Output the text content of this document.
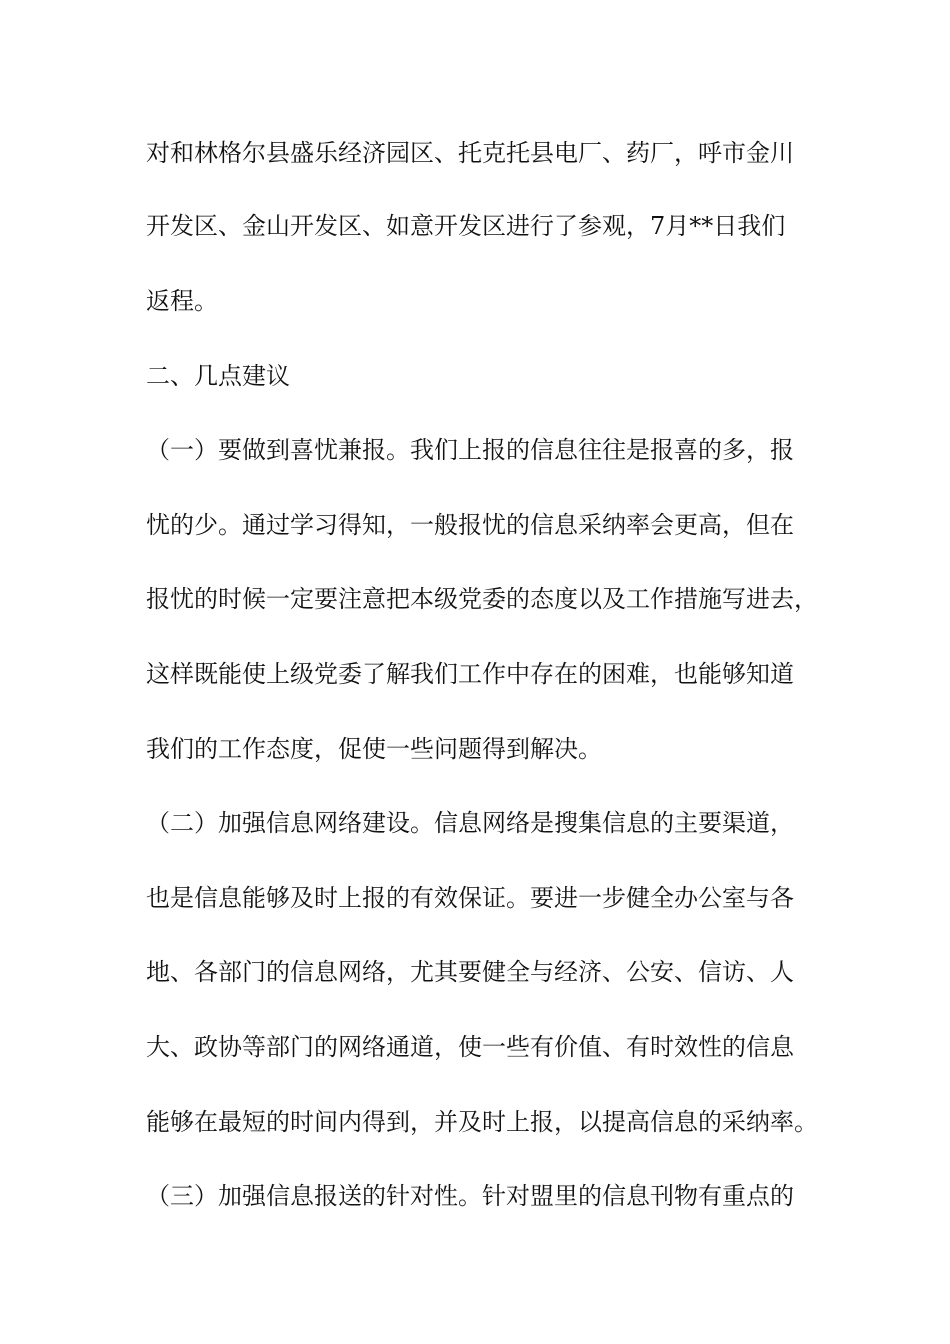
对和林格尔县盛乐经济园区、托克托县电厂、药厂，呼市金川

开发区、金山开发区、如意开发区进行了参观，7月**日我们

返程。

二、几点建议

（一）要做到喜忧兼报。我们上报的信息往往是报喜的多，报

忧的少。通过学习得知，一般报忧的信息采纳率会更高，但在

报忧的时候一定要注意把本级党委的态度以及工作措施写进去，

这样既能使上级党委了解我们工作中存在的困难，也能够知道

我们的工作态度，促使一些问题得到解决。

（二）加强信息网络建设。信息网络是搜集信息的主要渠道，

也是信息能够及时上报的有效保证。要进一步健全办公室与各

地、各部门的信息网络，尤其要健全与经济、公安、信访、人

大、政协等部门的网络通道，使一些有价值、有时效性的信息

能够在最短的时间内得到，并及时上报，以提高信息的采纳率。

（三）加强信息报送的针对性。针对盟里的信息刊物有重点的
